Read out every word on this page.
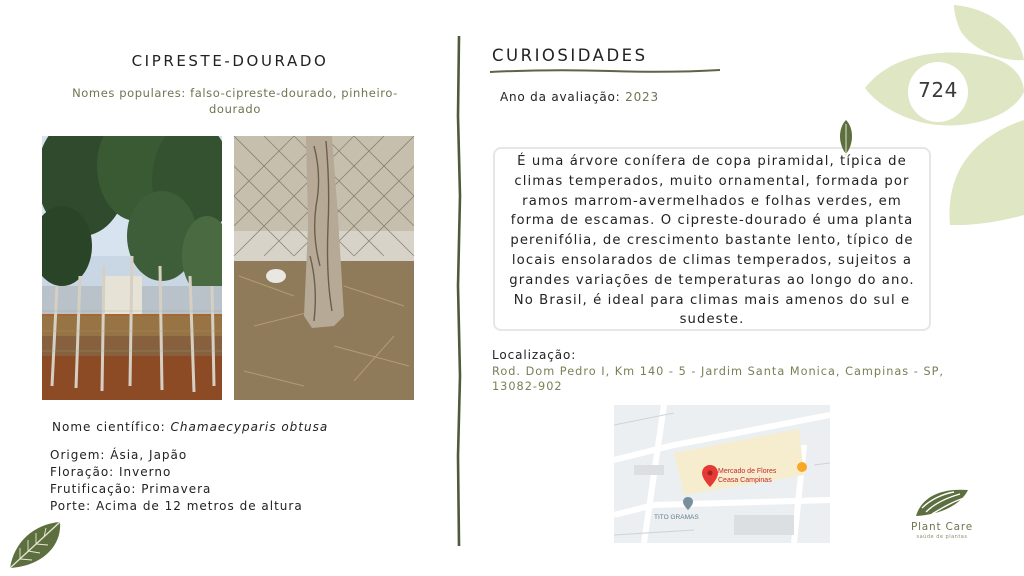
CIPRESTE-DOURADO
Nomes populares: falso-cipreste-dourado, pinheiro-dourado
Nome científico: Chamaecyparis obtusa
Origem: Ásia, Japão
Floração: Inverno
Frutificação: Primavera
Porte: Acima de 12 metros de altura
CURIOSIDADES
Ano da avaliação: 2023
É uma árvore conífera de copa piramidal, típica de climas temperados, muito ornamental, formada por ramos marrom-avermelhados e folhas verdes, em forma de escamas. O cipreste-dourado é uma planta perenifólia, de crescimento bastante lento, típico de locais ensolarados de climas temperados, sujeitos a grandes variações de temperaturas ao longo do ano. No Brasil, é ideal para climas mais amenos do sul e sudeste.
Localização:
Rod. Dom Pedro I, Km 140 - 5 - Jardim Santa Monica, Campinas - SP, 13082-902
Mercado de Flores
Ceasa Campinas
TITO GRAMAS
724
Plant Care
saúde de plantas
